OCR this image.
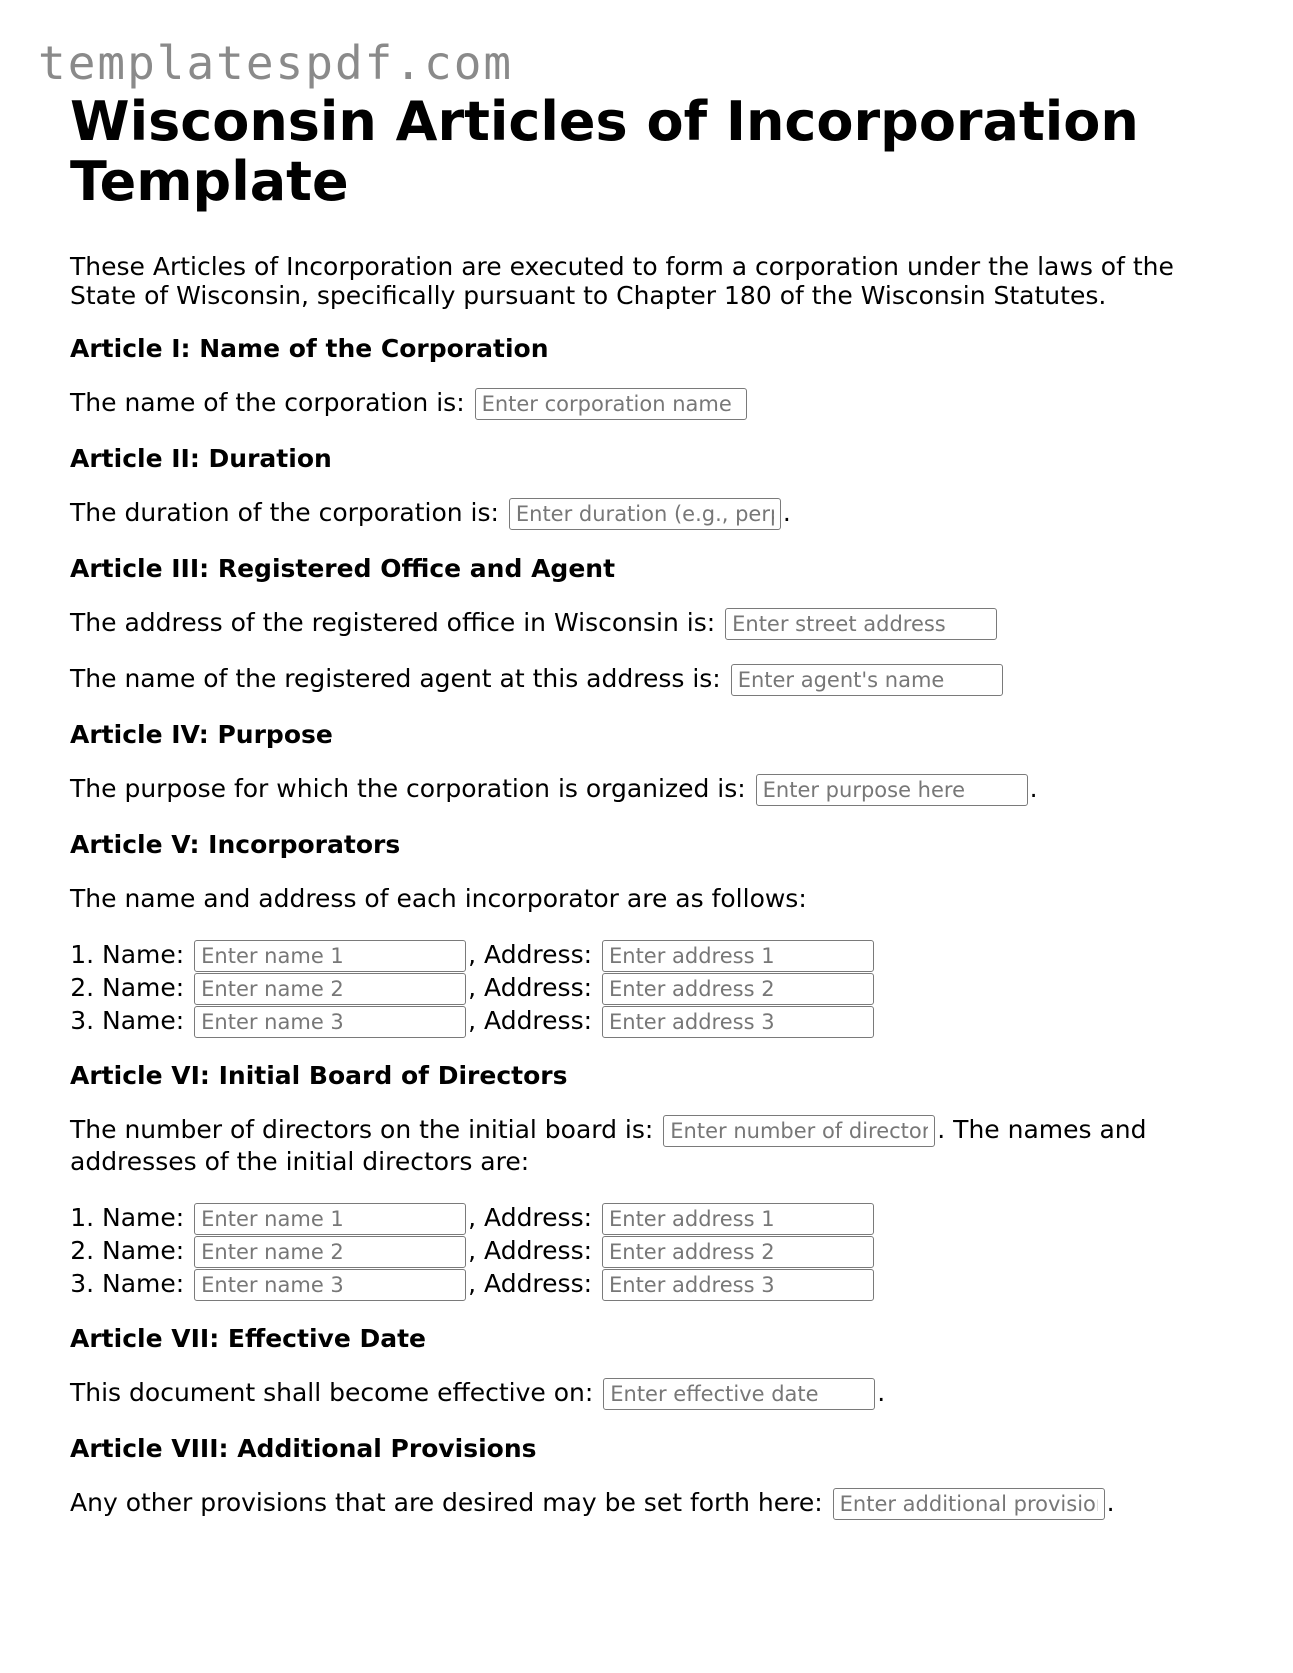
templatespdf.com
Wisconsin Articles of Incorporation Template

These Articles of Incorporation are executed to form a corporation under the laws of the State of Wisconsin, specifically pursuant to Chapter 180 of the Wisconsin Statutes.

Article I: Name of the Corporation

The name of the corporation is: Enter corporation name here

Article II: Duration

The duration of the corporation is: Enter duration (e.g., perpetual)	.

Article III: Registered Office and Agent

The address of the registered office in Wisconsin is: Enter street address

The name of the registered agent at this address is: Enter agent's name

Article IV: Purpose

The purpose for which the corporation is organized is: Enter purpose here	.

Article V: Incorporators

The name and address of each incorporator are as follows:

1. Name: Enter name 1	, Address: Enter address 1
2. Name: Enter name 2	, Address: Enter address 2
3. Name: Enter name 3	, Address: Enter address 3
Article VI: Initial Board of Directors

The number of directors on the initial board is: Enter number of directors	. The names and addresses of the initial directors are:

1. Name: Enter name 1	, Address: Enter address 1
2. Name: Enter name 2	, Address: Enter address 2
3. Name: Enter name 3	, Address: Enter address 3
Article VII: Effective Date

This document shall become effective on: Enter effective date	.

Article VIII: Additional Provisions

Any other provisions that are desired may be set forth here: Enter additional provisions	.
